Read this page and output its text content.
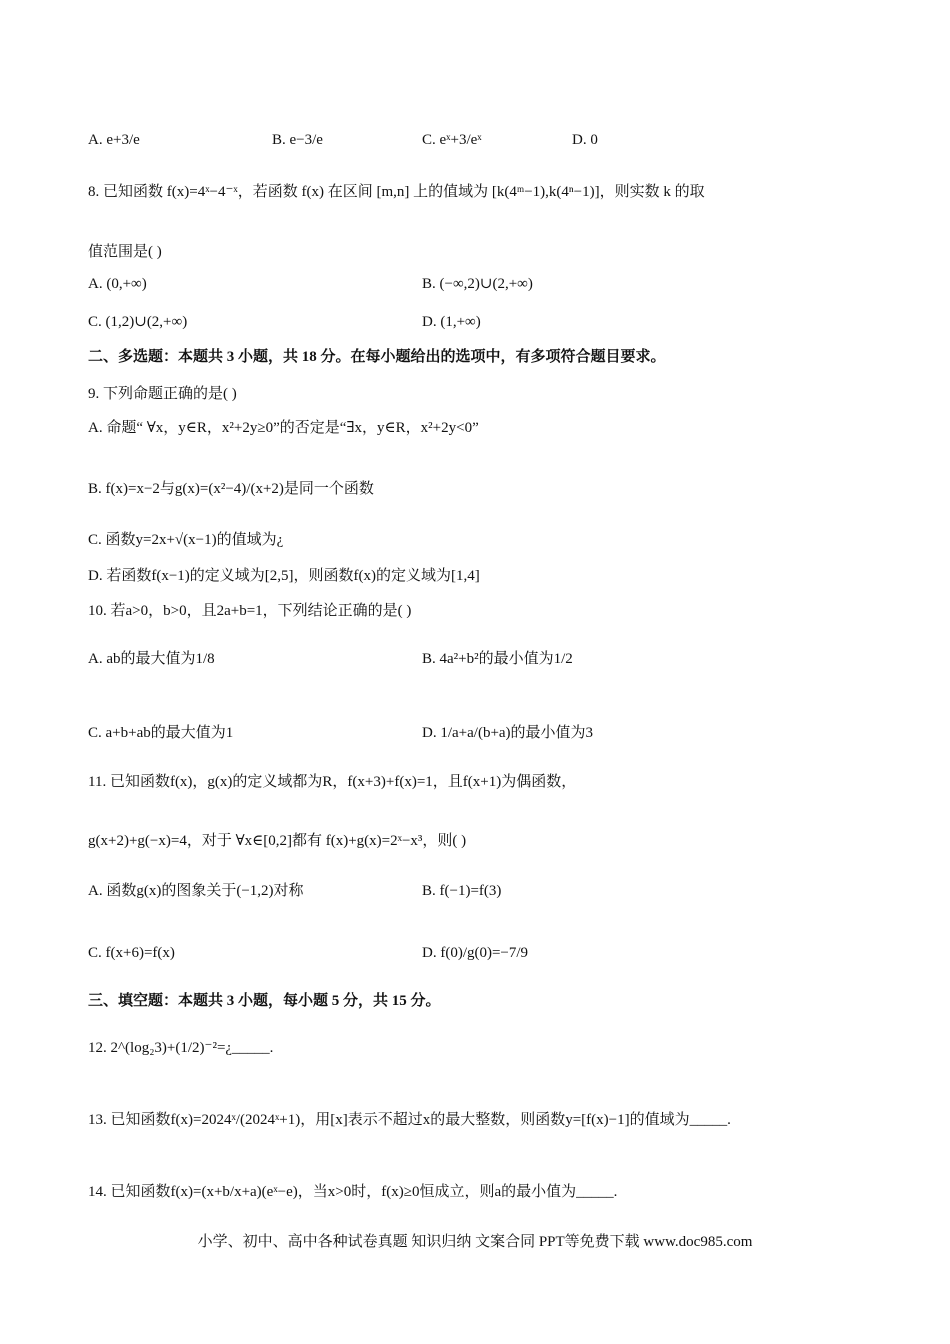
A. e+3/e	B. e−3/e	C. eˣ+3/eˣ	D. 0
8. 已知函数 f(x)=4ˣ−4⁻ˣ，若函数 f(x) 在区间 [m,n] 上的值域为 [k(4ᵐ−1),k(4ⁿ−1)]，则实数 k 的取
值范围是( )
A. (0,+∞)	B. (−∞,2)∪(2,+∞)
C. (1,2)∪(2,+∞)	D. (1,+∞)
二、多选题：本题共 3 小题，共 18 分。在每小题给出的选项中，有多项符合题目要求。
9. 下列命题正确的是( )
A. 命题“ ∀x，y∈R，x²+2y≥0”的否定是“∃x，y∈R，x²+2y<0”
B. f(x)=x−2与g(x)=(x²−4)/(x+2)是同一个函数
C. 函数y=2x+√(x−1)的值域为¿
D. 若函数f(x−1)的定义域为[2,5]，则函数f(x)的定义域为[1,4]
10. 若a>0，b>0，且2a+b=1，下列结论正确的是( )
A. ab的最大值为1/8	B. 4a²+b²的最小值为1/2
C. a+b+ab的最大值为1	D. 1/a+a/(b+a)的最小值为3
11. 已知函数f(x)，g(x)的定义域都为R，f(x+3)+f(x)=1，且f(x+1)为偶函数，
g(x+2)+g(−x)=4，对于 ∀x∈[0,2]都有 f(x)+g(x)=2ˣ−x³，则( )
A. 函数g(x)的图象关于(−1,2)对称	B. f(−1)=f(3)
C. f(x+6)=f(x)	D. f(0)/g(0)=−7/9
三、填空题：本题共 3 小题，每小题 5 分，共 15 分。
12. 2^(log₂3)+(1/2)⁻²=¿_____.
13. 已知函数f(x)=2024ˣ/(2024ˣ+1)，用[x]表示不超过x的最大整数，则函数y=[f(x)−1]的值域为_____.
14. 已知函数f(x)=(x+b/x+a)(eˣ−e)，当x>0时，f(x)≥0恒成立，则a的最小值为_____.
小学、初中、高中各种试卷真题 知识归纳 文案合同 PPT等免费下载 www.doc985.com
